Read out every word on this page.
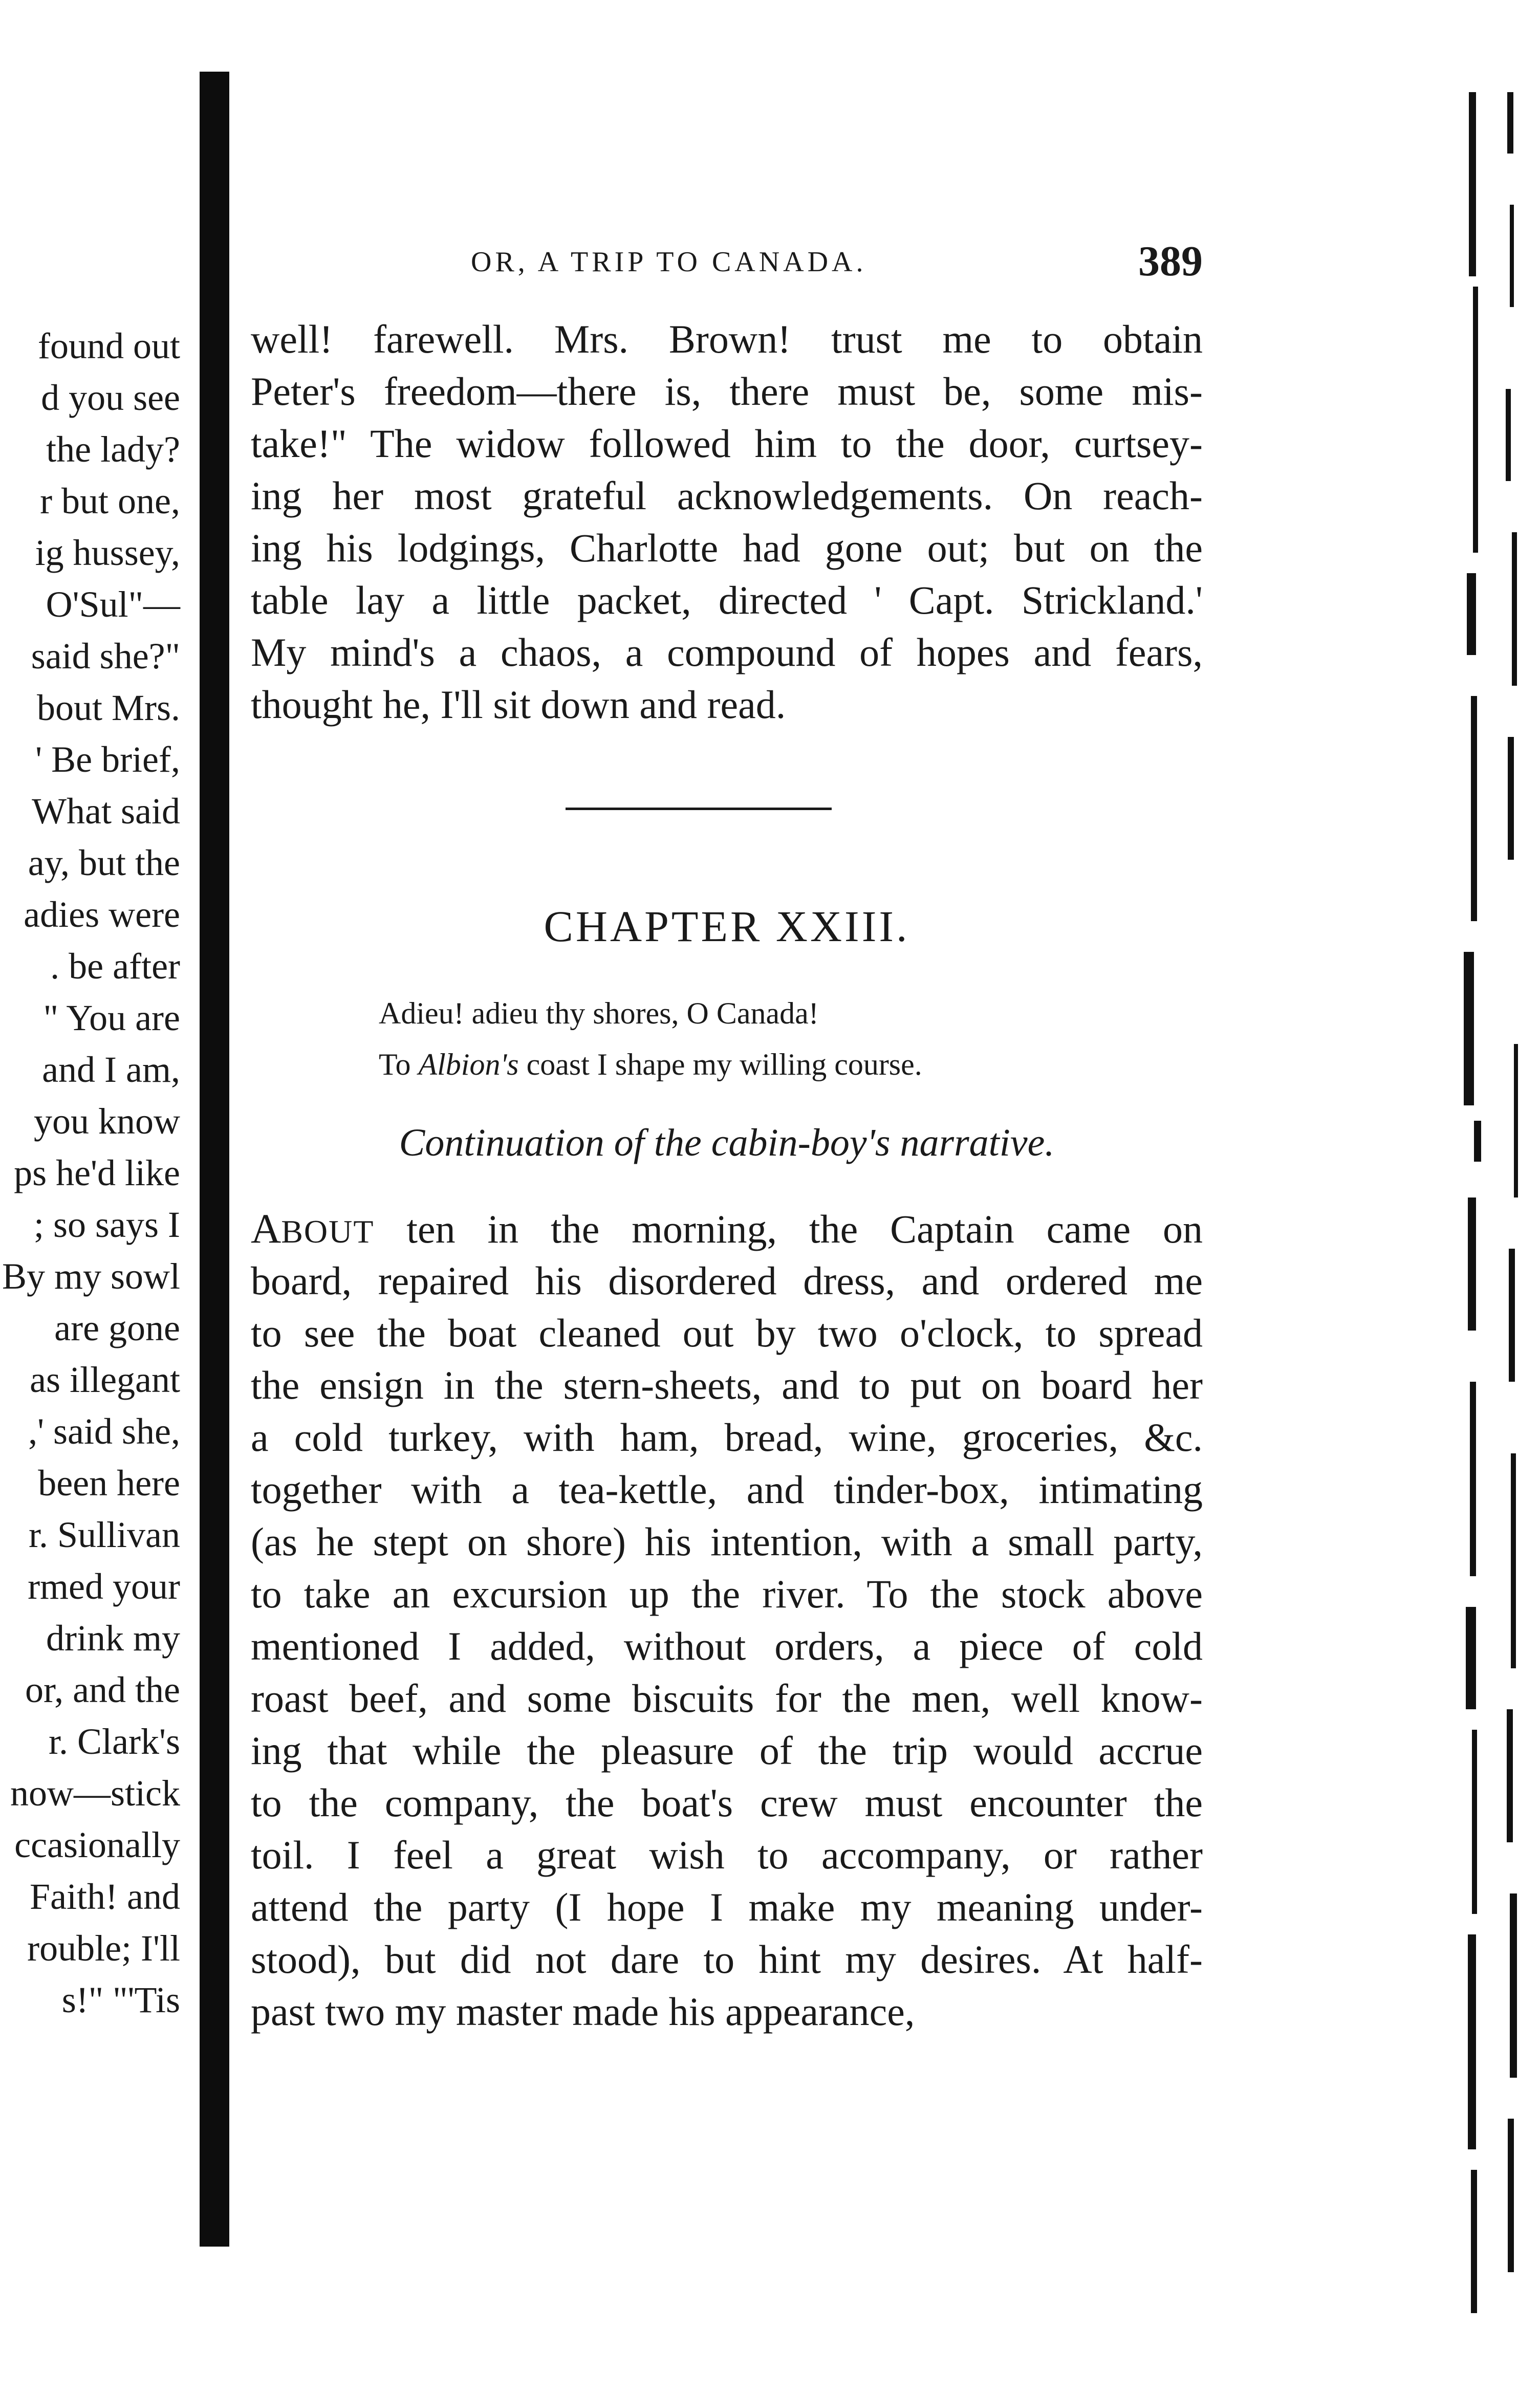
found out
d you see
the lady?
r but one,
ig hussey,
O'Sul"—
said she?"
bout Mrs.
' Be brief,
What said
ay, but the
adies were
. be after
" You are
and I am,
you know
ps he'd like
; so says I
By my sowl
are gone
as illegant
,' said she,
been here
r. Sullivan
rmed your
drink my
or, and the
r. Clark's
now—stick
ccasionally
Faith! and
rouble; I'll
s!" "'Tis
OR, A TRIP TO CANADA.	389
well! farewell. Mrs. Brown! trust me to obtain
Peter's freedom—there is, there must be, some mis-
take!" The widow followed him to the door, curtsey-
ing her most grateful acknowledgements. On reach-
ing his lodgings, Charlotte had gone out; but on the
table lay a little packet, directed ' Capt. Strickland.'
My mind's a chaos, a compound of hopes and fears,
thought he, I'll sit down and read.
CHAPTER XXIII.
Adieu! adieu thy shores, O Canada!
To Albion's coast I shape my willing course.
Continuation of the cabin-boy's narrative.
ABOUT ten in the morning, the Captain came on
board, repaired his disordered dress, and ordered me
to see the boat cleaned out by two o'clock, to spread
the ensign in the stern-sheets, and to put on board her
a cold turkey, with ham, bread, wine, groceries, &c.
together with a tea-kettle, and tinder-box, intimating
(as he stept on shore) his intention, with a small party,
to take an excursion up the river. To the stock above
mentioned I added, without orders, a piece of cold
roast beef, and some biscuits for the men, well know-
ing that while the pleasure of the trip would accrue
to the company, the boat's crew must encounter the
toil. I feel a great wish to accompany, or rather
attend the party (I hope I make my meaning under-
stood), but did not dare to hint my desires. At half-
past two my master made his appearance,
